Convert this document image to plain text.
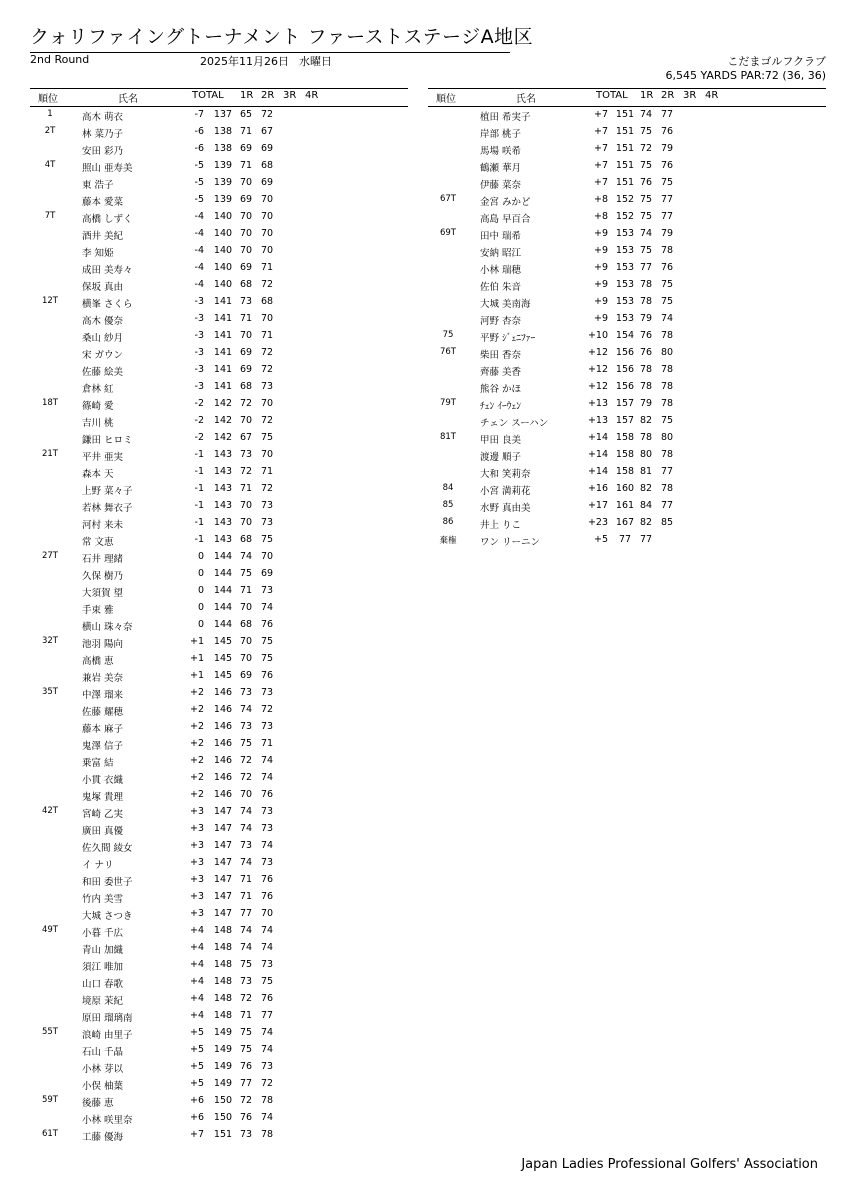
クォリファイングトーナメント ファーストステージA地区
2nd Round	2025年11月26日 水曜日	こだまゴルフクラブ
6,545 YARDS PAR:72 (36, 36)
順位	氏名	TOTAL 1R 2R 3R 4R	順位	氏名	TOTAL 1R 2R 3R 4R
1	高木 萌衣	-7	137 65 72
2T	林 菜乃子	-6	138 71 67
安田 彩乃	-6	138 69 69
4T	照山 亜寿美	-5	139 71 68
東 浩子	-5	139 70 69
藤本 愛菜	-5	139 69 70
7T	高橋 しずく	-4	140 70 70
酒井 美紀	-4	140 70 70
李 知姫	-4	140 70 70
成田 美寿々	-4	140 69 71
保坂 真由	-4	140 68 72
12T	横峯 さくら	-3	141 73 68
高木 優奈	-3	141 71 70
桑山 紗月	-3	141 70 71
宋 ガウン	-3	141 69 72
佐藤 絵美	-3	141 69 72
倉林 紅	-3	141 68 73
18T	篠崎 愛	-2	142 72 70
吉川 桃	-2	142 70 72
鎌田 ヒロミ	-2	142 67 75
21T	平井 亜実	-1	143 73 70
森本 天	-1	143 72 71
上野 菜々子	-1	143 71 72
若林 舞衣子	-1	143 70 73
河村 来未	-1	143 70 73
常 文恵	-1	143 68 75
27T	石井 理緒	0	144 74 70
久保 樹乃	0	144 75 69
大須賀 望	0	144 71 73
手束 雅	0	144 70 74
横山 珠々奈	0	144 68 76
32T	池羽 陽向	+1	145 70 75
高橋 恵	+1	145 70 75
兼岩 美奈	+1	145 69 76
35T	中澤 瑠来	+2	146 73 73
佐藤 耀穂	+2	146 74 72
藤本 麻子	+2	146 73 73
鬼澤 信子	+2	146 75 71
乗富 結	+2	146 72 74
小貫 衣織	+2	146 72 74
鬼塚 貴理	+2	146 70 76
42T	宮崎 乙実	+3	147 74 73
廣田 真優	+3	147 74 73
佐久間 綾女	+3	147 73 74
イ ナリ	+3	147 74 73
和田 委世子	+3	147 71 76
竹内 美雪	+3	147 71 76
大城 さつき	+3	147 77 70
49T	小暮 千広	+4	148 74 74
青山 加織	+4	148 74 74
須江 唯加	+4	148 75 73
山口 春歌	+4	148 73 75
境原 茉紀	+4	148 72 76
原田 瑠璃南	+4	148 71 77
55T	浪崎 由里子	+5	149 75 74
石山 千晶	+5	149 75 74
小林 芽以	+5	149 76 73
小俣 柚葉	+5	149 77 72
59T	後藤 恵	+6	150 72 78
小林 咲里奈	+6	150 76 74
61T	工藤 優海	+7	151 73 78
植田 希実子	+7 151 74 77
岸部 桃子	+7 151 75 76
馬場 咲希	+7 151 72 79
鶴瀬 華月	+7 151 75 76
伊藤 菜奈	+7 151 76 75
67T	金宮 みかど	+8 152 75 77
高島 早百合	+8 152 75 77
69T	田中 瑞希	+9 153 74 79
安納 昭江	+9 153 75 78
小林 瑞穂	+9 153 77 76
佐伯 朱音	+9 153 78 75
大城 美南海	+9 153 78 75
河野 杏奈	+9 153 79 74
75	平野 ｼﾞｪﾆﾌｧｰ	+10 154 76 78
76T	柴田 香奈	+12 156 76 80
齊藤 美香	+12 156 78 78
熊谷 かほ	+12 156 78 78
79T	ﾁｪﾝ ｲｰｳｪﾝ	+13 157 79 78
チェン スーハン	+13 157 82 75
81T	甲田 良美	+14 158 78 80
渡邊 順子	+14 158 80 78
大和 笑莉奈	+14 158 81 77
84	小宮 満莉花	+16 160 82 78
85	水野 真由美	+17 161 84 77
86	井上 りこ	+23 167 82 85
棄権	ワン リーニン	+5	77 77
Japan Ladies Professional Golfers' Association
